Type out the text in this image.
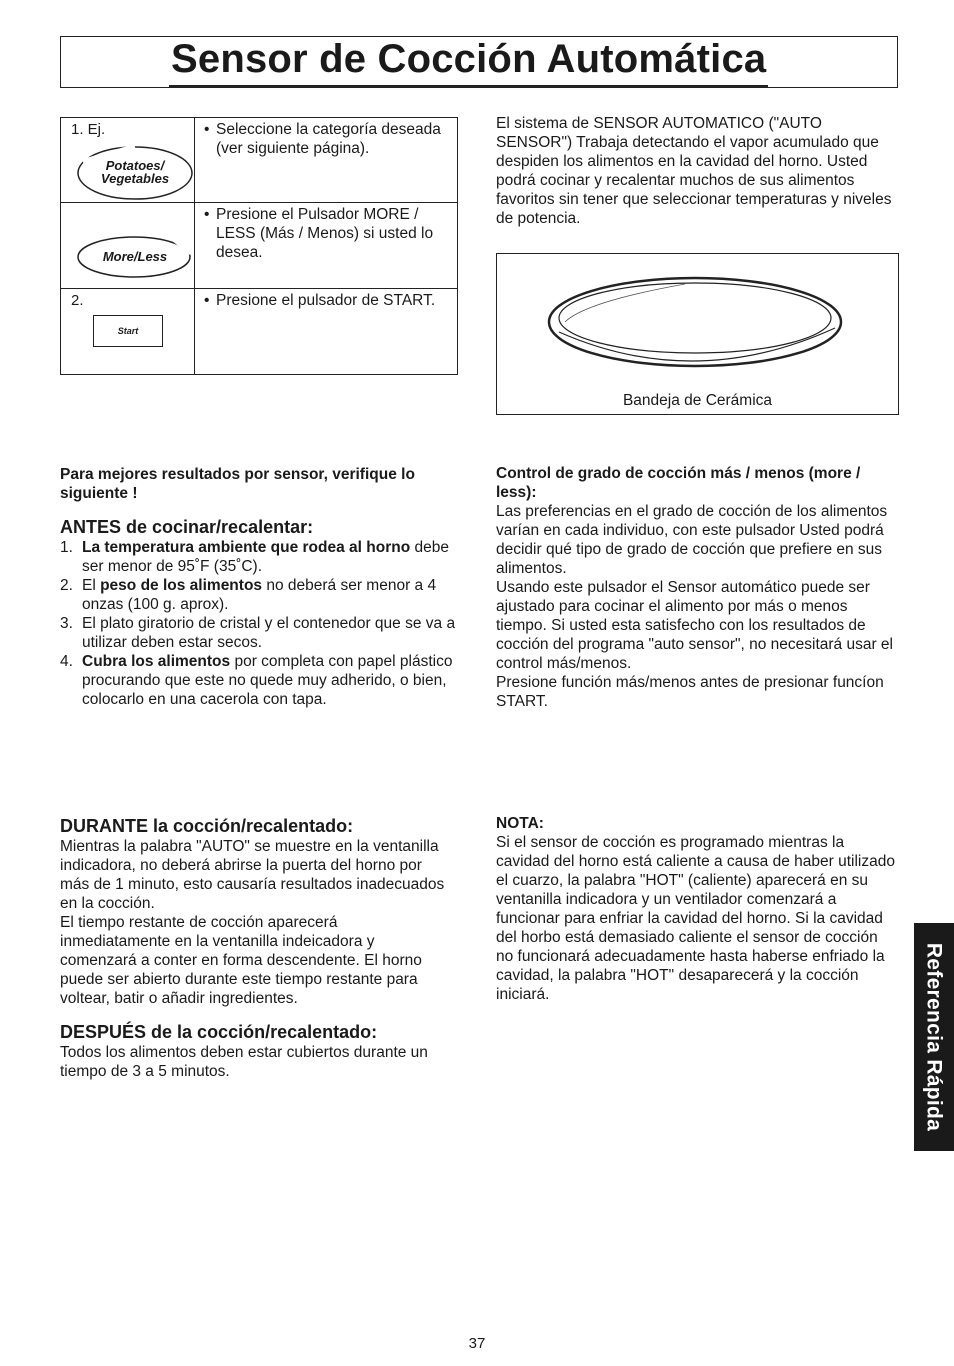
Sensor de Cocción Automática
1. Ej.
Potatoes/
Vegetables
• Seleccione la categoría deseada (ver siguiente página).
More/Less
• Presione el Pulsador MORE / LESS (Más / Menos) si usted lo desea.
2.
Start
• Presione el pulsador de START.
El sistema de SENSOR AUTOMATICO ("AUTO SENSOR") Trabaja detectando el vapor acumulado que despiden los alimentos en la cavidad del horno. Usted podrá cocinar y recalentar muchos de sus alimentos favoritos sin tener que seleccionar temperaturas y niveles de potencia.
Bandeja de Cerámica
Para mejores resultados por sensor, verifique lo siguiente !
ANTES de cocinar/recalentar:
1. La temperatura ambiente que rodea al horno debe ser menor de 95˚F (35˚C).
2. El peso de los alimentos no deberá ser menor a 4 onzas (100 g. aprox).
3. El plato giratorio de cristal y el contenedor que se va a utilizar deben estar secos.
4. Cubra los alimentos por completa con papel plástico procurando que este no quede muy adherido, o bien, colocarlo en una cacerola con tapa.
Control de grado de cocción más / menos (more / less):
Las preferencias en el grado de cocción de los alimentos varían en cada individuo, con este pulsador Usted podrá decidir qué tipo de grado de cocción que prefiere en sus alimentos.
Usando este pulsador el Sensor automático puede ser ajustado para cocinar el alimento por más o menos tiempo. Si usted esta satisfecho con los resultados de cocción del programa "auto sensor", no necesitará usar el control más/menos.
Presione función más/menos antes de presionar funcíon START.
DURANTE la cocción/recalentado:
Mientras la palabra "AUTO" se muestre en la ventanilla indicadora, no deberá abrirse la puerta del horno por más de 1 minuto, esto causaría resultados inadecuados en la cocción.
El tiempo restante de cocción aparecerá inmediatamente en la ventanilla indeicadora y comenzará a conter en forma descendente. El horno puede ser abierto durante este tiempo restante para voltear, batir o añadir ingredientes.
DESPUÉS de la cocción/recalentado:
Todos los alimentos deben estar cubiertos durante un tiempo de 3 a 5 minutos.
NOTA:
Si el sensor de cocción es programado mientras la cavidad del horno está caliente a causa de haber utilizado el cuarzo, la palabra "HOT" (caliente) aparecerá en su ventanilla indicadora y un ventilador comenzará a funcionar para enfriar la cavidad del horno. Si la cavidad del horbo está demasiado caliente el sensor de cocción no funcionará adecuadamente hasta haberse enfriado la cavidad, la palabra "HOT" desaparecerá y la cocción iniciará.	Referencia Rápida
37
